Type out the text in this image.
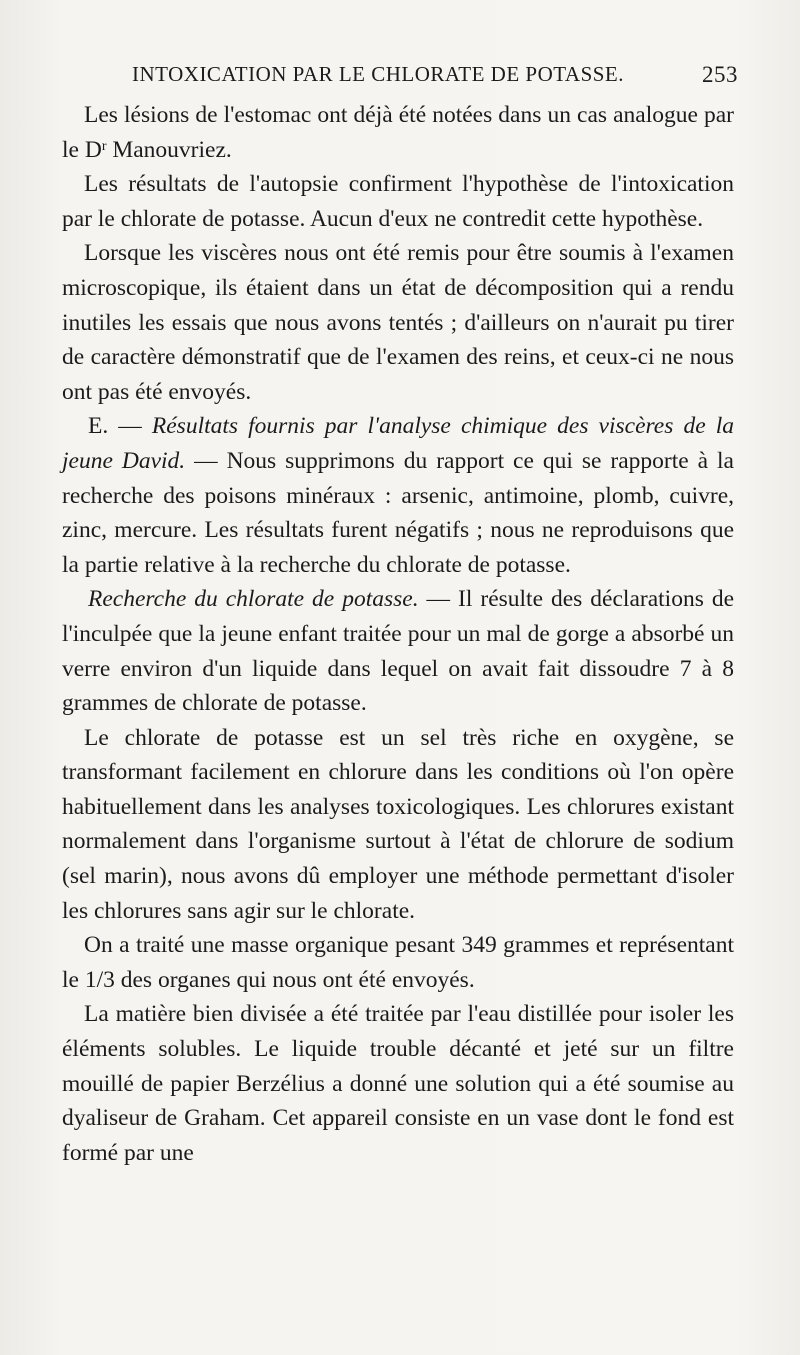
INTOXICATION PAR LE CHLORATE DE POTASSE.	253

Les lésions de l'estomac ont déjà été notées dans un cas analogue par le $D^r$ Manouvriez.

Les résultats de l'autopsie confirment l'hypothèse de l'intoxication par le chlorate de potasse. Aucun d'eux ne contredit cette hypothèse.

Lorsque les viscères nous ont été remis pour être soumis à l'examen microscopique, ils étaient dans un état de décomposition qui a rendu inutiles les essais que nous avons tentés ; d'ailleurs on n'aurait pu tirer de caractère démonstratif que de l'examen des reins, et ceux-ci ne nous ont pas été envoyés.

E. — Résultats fournis par l'analyse chimique des viscères de la jeune David. — Nous supprimons du rapport ce qui se rapporte à la recherche des poisons minéraux : arsenic, antimoine, plomb, cuivre, zinc, mercure. Les résultats furent négatifs ; nous ne reproduisons que la partie relative à la recherche du chlorate de potasse.

Recherche du chlorate de potasse. — Il résulte des déclarations de l'inculpée que la jeune enfant traitée pour un mal de gorge a absorbé un verre environ d'un liquide dans lequel on avait fait dissoudre 7 à 8 grammes de chlorate de potasse.

Le chlorate de potasse est un sel très riche en oxygène, se transformant facilement en chlorure dans les conditions où l'on opère habituellement dans les analyses toxicologiques. Les chlorures existant normalement dans l'organisme surtout à l'état de chlorure de sodium (sel marin), nous avons dû employer une méthode permettant d'isoler les chlorures sans agir sur le chlorate.

On a traité une masse organique pesant 349 grammes et représentant le 1/3 des organes qui nous ont été envoyés.

La matière bien divisée a été traitée par l'eau distillée pour isoler les éléments solubles. Le liquide trouble décanté et jeté sur un filtre mouillé de papier Berzélius a donné une solution qui a été soumise au dyaliseur de Graham. Cet appareil consiste en un vase dont le fond est formé par une
